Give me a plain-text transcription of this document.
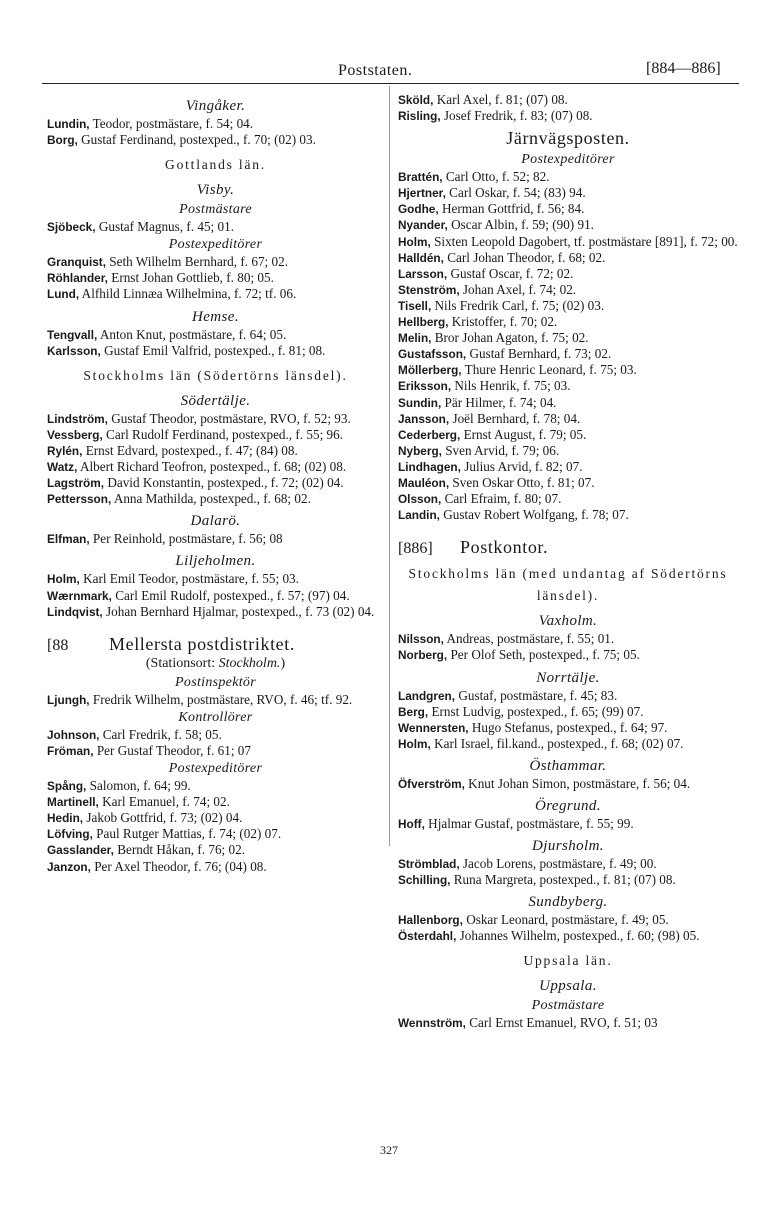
Poststaten.	[884—886]
Vingåker.
Lundin, Teodor, postmästare, f. 54; 04.
Borg, Gustaf Ferdinand, postexped., f. 70; (02) 03.
Gottlands län.
Visby.
Postmästare
Sjöbeck, Gustaf Magnus, f. 45; 01.
Postexpeditörer
Granquist, Seth Wilhelm Bernhard, f. 67; 02.
Röhlander, Ernst Johan Gottlieb, f. 80; 05.
Lund, Alfhild Linnæa Wilhelmina, f. 72; tf. 06.
Hemse.
Tengvall, Anton Knut, postmästare, f. 64; 05.
Karlsson, Gustaf Emil Valfrid, postexped., f. 81; 08.
Stockholms län (Södertörns länsdel).
Södertälje.
Lindström, Gustaf Theodor, postmästare, RVO, f. 52; 93.
Vessberg, Carl Rudolf Ferdinand, postexped., f. 55; 96.
Rylén, Ernst Edvard, postexped., f. 47; (84) 08.
Watz, Albert Richard Teofron, postexped., f. 68; (02) 08.
Lagström, David Konstantin, postexped., f. 72; (02) 04.
Pettersson, Anna Mathilda, postexped., f. 68; 02.
Dalarö.
Elfman, Per Reinhold, postmästare, f. 56; 08
Liljeholmen.
Holm, Karl Emil Teodor, postmästare, f. 55; 03.
Wærnmark, Carl Emil Rudolf, postexped., f. 57; (97) 04.
Lindqvist, Johan Bernhard Hjalmar, postexped., f. 73 (02) 04.
[88	Mellersta postdistriktet.
(Stationsort: Stockholm.)
Postinspektör
Ljungh, Fredrik Wilhelm, postmästare, RVO, f. 46; tf. 92.
Kontrollörer
Johnson, Carl Fredrik, f. 58; 05.
Fröman, Per Gustaf Theodor, f. 61; 07
Postexpeditörer
Spång, Salomon, f. 64; 99.
Martinell, Karl Emanuel, f. 74; 02.
Hedin, Jakob Gottfrid, f. 73; (02) 04.
Löfving, Paul Rutger Mattias, f. 74; (02) 07.
Gasslander, Berndt Håkan, f. 76; 02.
Janzon, Per Axel Theodor, f. 76; (04) 08.
Sköld, Karl Axel, f. 81; (07) 08.
Risling, Josef Fredrik, f. 83; (07) 08.
Järnvägsposten.
Postexpeditörer
Brattén, Carl Otto, f. 52; 82.
Hjertner, Carl Oskar, f. 54; (83) 94.
Godhe, Herman Gottfrid, f. 56; 84.
Nyander, Oscar Albin, f. 59; (90) 91.
Holm, Sixten Leopold Dagobert, tf. postmästare [891], f. 72; 00.
Halldén, Carl Johan Theodor, f. 68; 02.
Larsson, Gustaf Oscar, f. 72; 02.
Stenström, Johan Axel, f. 74; 02.
Tisell, Nils Fredrik Carl, f. 75; (02) 03.
Hellberg, Kristoffer, f. 70; 02.
Melin, Bror Johan Agaton, f. 75; 02.
Gustafsson, Gustaf Bernhard, f. 73; 02.
Möllerberg, Thure Henric Leonard, f. 75; 03.
Eriksson, Nils Henrik, f. 75; 03.
Sundin, Pär Hilmer, f. 74; 04.
Jansson, Joël Bernhard, f. 78; 04.
Cederberg, Ernst August, f. 79; 05.
Nyberg, Sven Arvid, f. 79; 06.
Lindhagen, Julius Arvid, f. 82; 07.
Mauléon, Sven Oskar Otto, f. 81; 07.
Olsson, Carl Efraim, f. 80; 07.
Landin, Gustav Robert Wolfgang, f. 78; 07.
[886]	Postkontor.
Stockholms län (med undantag af Södertörns länsdel).
Vaxholm.
Nilsson, Andreas, postmästare, f. 55; 01.
Norberg, Per Olof Seth, postexped., f. 75; 05.
Norrtälje.
Landgren, Gustaf, postmästare, f. 45; 83.
Berg, Ernst Ludvig, postexped., f. 65; (99) 07.
Wennersten, Hugo Stefanus, postexped., f. 64; 97.
Holm, Karl Israel, fil.kand., postexped., f. 68; (02) 07.
Östhammar.
Öfverström, Knut Johan Simon, postmästare, f. 56; 04.
Öregrund.
Hoff, Hjalmar Gustaf, postmästare, f. 55; 99.
Djursholm.
Strömblad, Jacob Lorens, postmästare, f. 49; 00.
Schilling, Runa Margreta, postexped., f. 81; (07) 08.
Sundbyberg.
Hallenborg, Oskar Leonard, postmästare, f. 49; 05.
Österdahl, Johannes Wilhelm, postexped., f. 60; (98) 05.
Uppsala län.
Uppsala.
Postmästare
Wennström, Carl Ernst Emanuel, RVO, f. 51; 03
327
